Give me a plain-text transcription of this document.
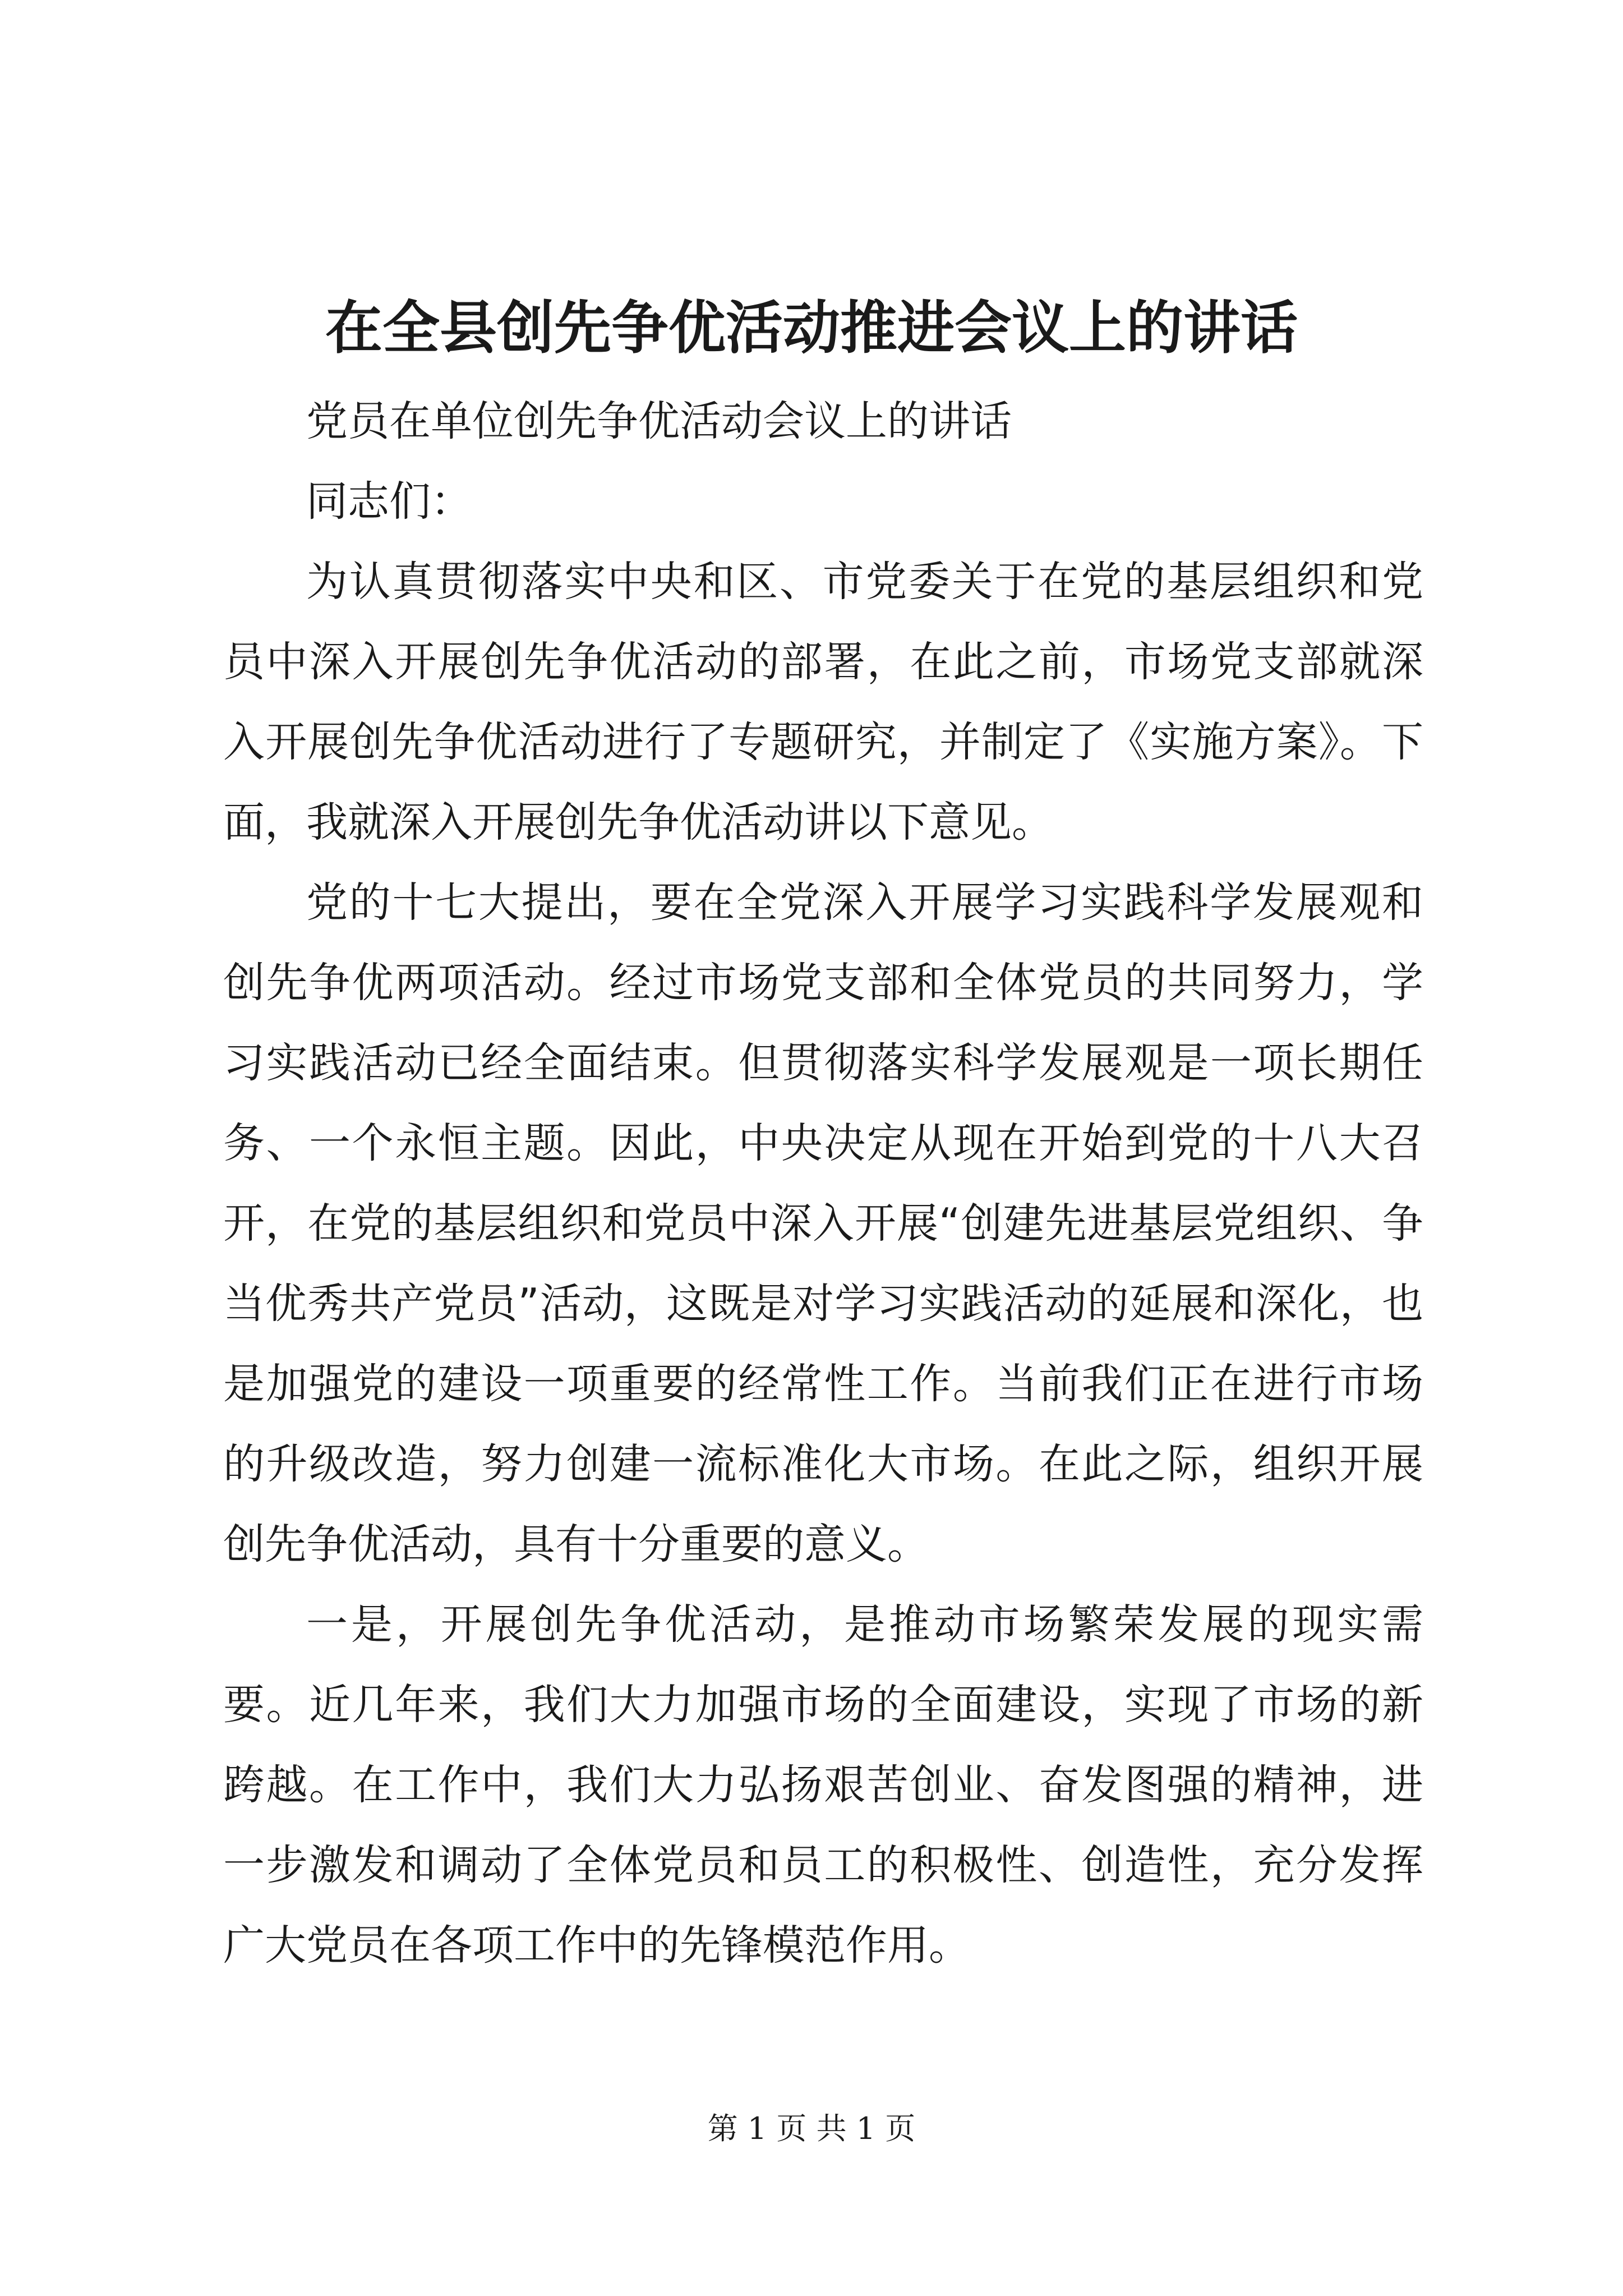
在全县创先争优活动推进会议上的讲话

党员在单位创先争优活动会议上的讲话

同志们：

为认真贯彻落实中央和区、市党委关于在党的基层组织和党员中深入开展创先争优活动的部署，在此之前，市场党支部就深入开展创先争优活动进行了专题研究，并制定了《实施方案》。下面，我就深入开展创先争优活动讲以下意见。

党的十七大提出，要在全党深入开展学习实践科学发展观和创先争优两项活动。经过市场党支部和全体党员的共同努力，学习实践活动已经全面结束。但贯彻落实科学发展观是一项长期任务、一个永恒主题。因此，中央决定从现在开始到党的十八大召开，在党的基层组织和党员中深入开展“创建先进基层党组织、争当优秀共产党员”活动，这既是对学习实践活动的延展和深化，也是加强党的建设一项重要的经常性工作。当前我们正在进行市场的升级改造，努力创建一流标准化大市场。在此之际，组织开展创先争优活动，具有十分重要的意义。

一是，开展创先争优活动，是推动市场繁荣发展的现实需要。近几年来，我们大力加强市场的全面建设，实现了市场的新跨越。在工作中，我们大力弘扬艰苦创业、奋发图强的精神，进一步激发和调动了全体党员和员工的积极性、创造性，充分发挥广大党员在各项工作中的先锋模范作用。

第 1 页 共 1 页
